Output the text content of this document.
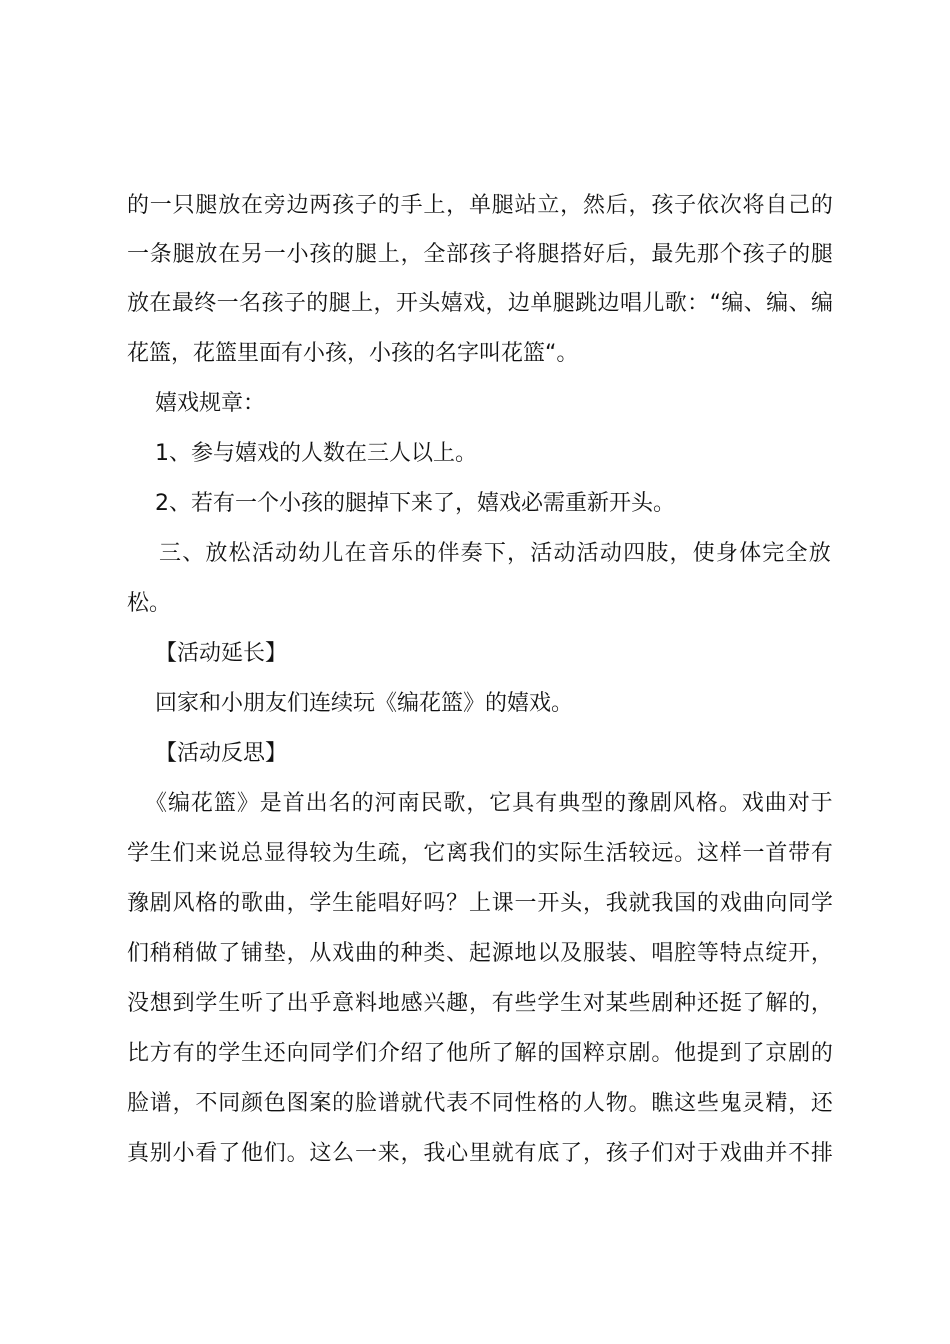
的 一 只 腿 放 在 旁 边 两 孩 子 的 手 上 ， 单 腿 站 立 ， 然 后 ， 孩 子 依 次 将 自 己 的
一 条 腿 放 在 另 一 小 孩 的 腿 上 ， 全 部 孩 子 将 腿 搭 好 后 ， 最 先 那 个 孩 子 的 腿
放 在 最 终 一 名 孩 子 的 腿 上 ， 开 头 嬉 戏 ， 边 单 腿 跳 边 唱 儿 歌 ： “ 编 、 编 、 编
花篮，花篮里面有小孩，小孩的名字叫花篮“。
嬉戏规章：
1、参与嬉戏的人数在三人以上。
2、若有一个小孩的腿掉下来了，嬉戏必需重新开头。
三 、 放 松 活 动 幼 儿 在 音 乐 的 伴 奏 下 ， 活 动 活 动 四 肢 ， 使 身 体 完 全 放
松。
【活动延长】
回家和小朋友们连续玩《编花篮》的嬉戏。
【活动反思】
《 编 花 篮 》 是 首 出 名 的 河 南 民 歌 ， 它 具 有 典 型 的 豫 剧 风 格 。 戏 曲 对 于
学 生 们 来 说 总 显 得 较 为 生 疏 ， 它 离 我 们 的 实 际 生 活 较 远 。 这 样 一 首 带 有
豫 剧 风 格 的 歌 曲 ， 学 生 能 唱 好 吗 ？ 上 课 一 开 头 ， 我 就 我 国 的 戏 曲 向 同 学
们 稍 稍 做 了 铺 垫 ， 从 戏 曲 的 种 类 、 起 源 地 以 及 服 装 、 唱 腔 等 特 点 绽 开 ，
没 想 到 学 生 听 了 出 乎 意 料 地 感 兴 趣 ， 有 些 学 生 对 某 些 剧 种 还 挺 了 解 的 ，
比 方 有 的 学 生 还 向 同 学 们 介 绍 了 他 所 了 解 的 国 粹 京 剧 。 他 提 到 了 京 剧 的
脸 谱 ， 不 同 颜 色 图 案 的 脸 谱 就 代 表 不 同 性 格 的 人 物 。 瞧 这 些 鬼 灵 精 ， 还
真 别 小 看 了 他 们 。 这 么 一 来 ， 我 心 里 就 有 底 了 ， 孩 子 们 对 于 戏 曲 并 不 排
